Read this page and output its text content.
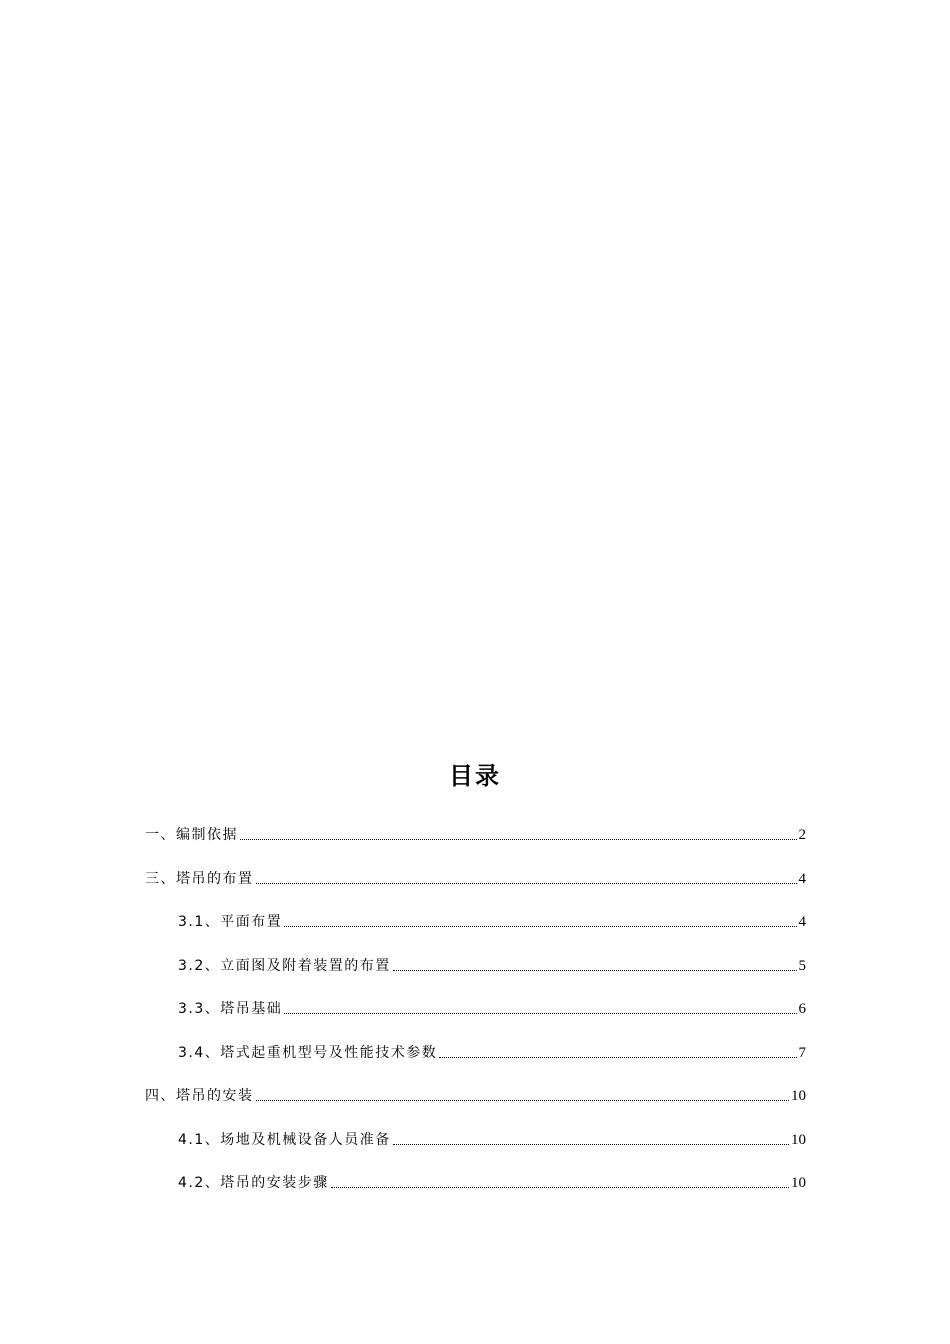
目录
一、编制依据	2
三、塔吊的布置	4
3.1、平面布置	4
3.2、立面图及附着装置的布置	5
3.3、塔吊基础	6
3.4、塔式起重机型号及性能技术参数	7
四、塔吊的安装	10
4.1、场地及机械设备人员准备	10
4.2、塔吊的安装步骤	10
